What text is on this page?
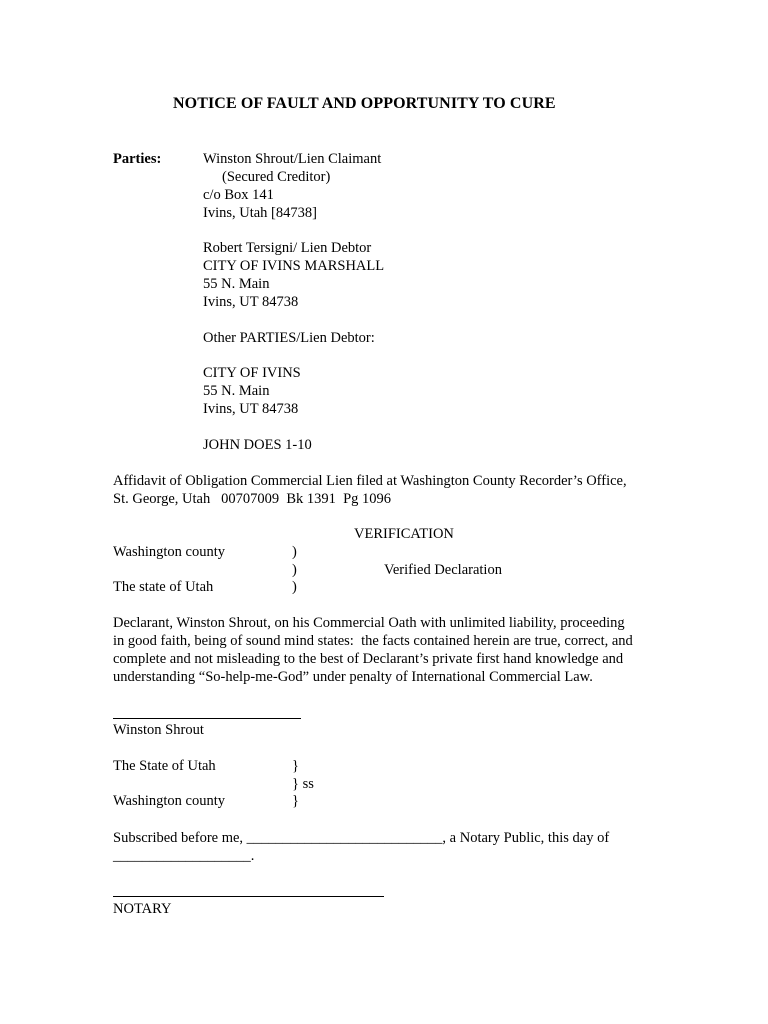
NOTICE OF FAULT AND OPPORTUNITY TO CURE
Parties:	Winston Shrout/Lien Claimant
(Secured Creditor)
c/o Box 141
Ivins, Utah [84738]
Robert Tersigni/ Lien Debtor
CITY OF IVINS MARSHALL
55 N. Main
Ivins, UT 84738
Other PARTIES/Lien Debtor:
CITY OF IVINS
55 N. Main
Ivins, UT 84738
JOHN DOES 1-10
Affidavit of Obligation Commercial Lien filed at Washington County Recorder’s Office,
St. George, Utah   00707009  Bk 1391  Pg 1096
VERIFICATION
Washington county	)
)	Verified Declaration
The state of Utah	)
Declarant, Winston Shrout, on his Commercial Oath with unlimited liability, proceeding
in good faith, being of sound mind states:  the facts contained herein are true, correct, and
complete and not misleading to the best of Declarant’s private first hand knowledge and
understanding “So-help-me-God” under penalty of International Commercial Law.
Winston Shrout
The State of Utah	}
} ss
Washington county	}
Subscribed before me, ___________________________, a Notary Public, this day of
___________________.
NOTARY
